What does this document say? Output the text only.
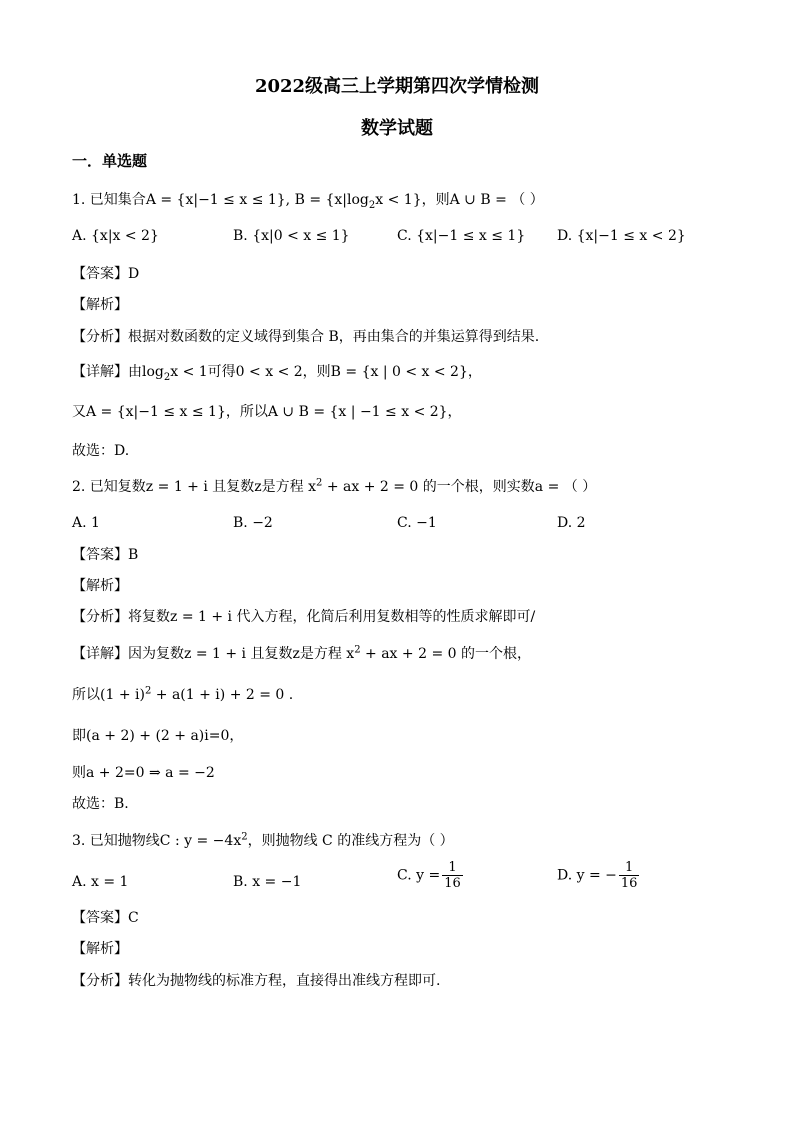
2022级高三上学期第四次学情检测
数学试题
一．单选题
1. 已知集合A = {x|−1 ≤ x ≤ 1}, $B = \{x|\log_2x < 1\}$，则A ∪ B = （ ）
A. {x|x < 2}	B. {x|0 < x ≤ 1}	C. {x|−1 ≤ x ≤ 1} D. {x|−1 ≤ x < 2}
【答案】D
【解析】
【分析】根据对数函数的定义域得到集合 B，再由集合的并集运算得到结果.
【详解】由$\log_2x < 1$可得0 < x < 2，则B = {x | 0 < x < 2}，
又A = {x|−1 ≤ x ≤ 1}，所以A ∪ B = {x | −1 ≤ x < 2}，
故选：D.
2. 已知复数z = 1 + i 且复数z是方程 $x^2$ + ax + 2 = 0 的一个根，则实数a = （ ）
A. 1	B. −2	C. −1	D. 2
【答案】B
【解析】
【分析】将复数z = 1 + i 代入方程，化简后利用复数相等的性质求解即可/
【详解】因为复数z = 1 + i 且复数z是方程 $x^2$ + ax + 2 = 0 的一个根，
所以$(1 + i)^2 + a(1 + i) + 2 = 0$ .
即(a + 2) + (2 + a)i=0，
则a + 2=0 ⇒ a = −2
故选：B.
3. 已知抛物线C : $y = -4x^2$，则抛物线 C 的准线方程为（ ）
A. x = 1	B. x = −1	C. $y = \frac{1}{16}$	D. y = − $\frac{1}{16}$
【答案】C
【解析】
【分析】转化为抛物线的标准方程，直接得出准线方程即可.
